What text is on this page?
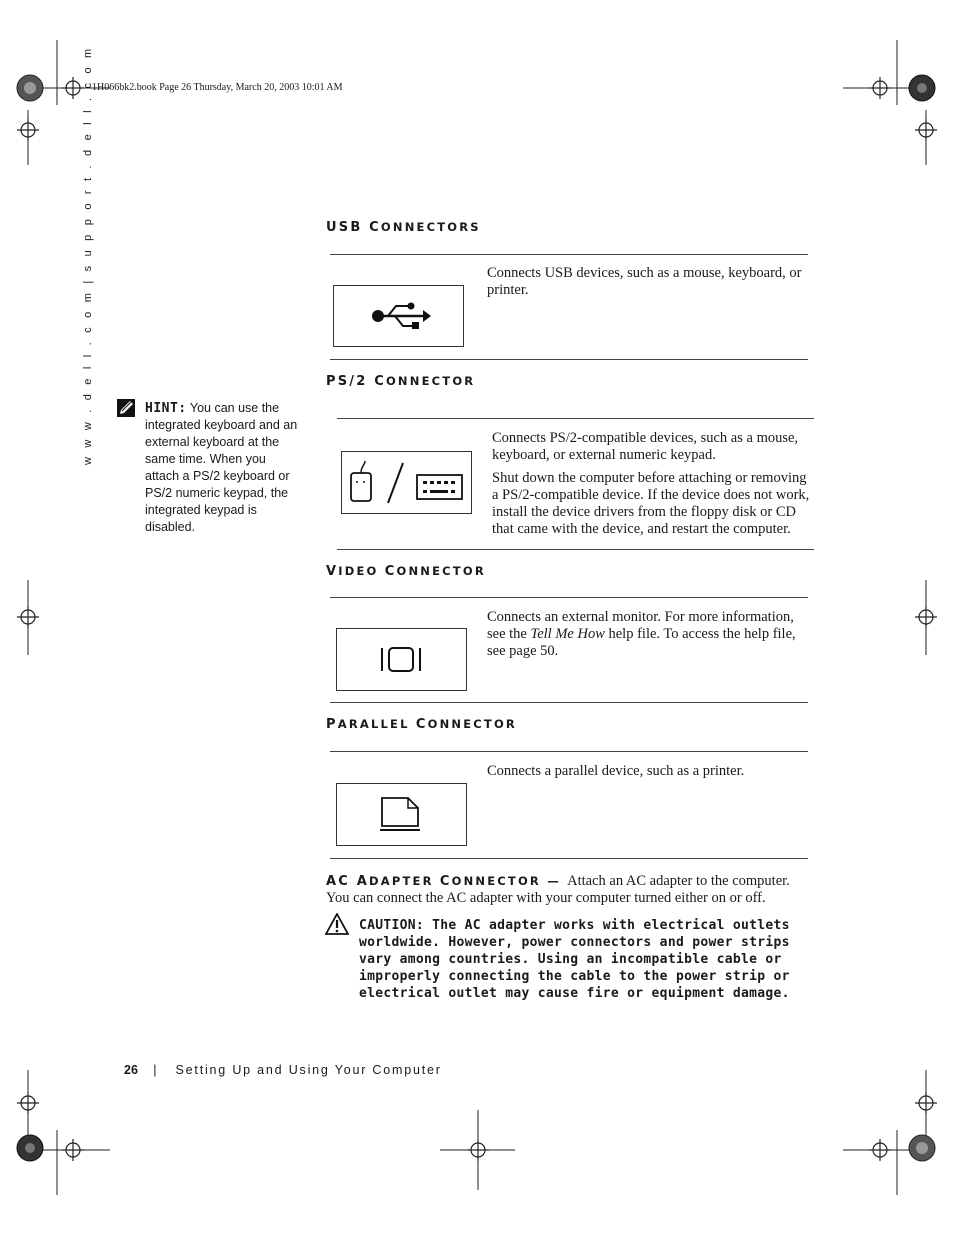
1H066bk2.book Page 26 Thursday, March 20, 2003 10:01 AM
w w w . d e l l . c o m | s u p p o r t . d e l l . c o m	HINT: You can use the integrated keyboard and an external keyboard at the same time. When you attach a PS/2 keyboard or PS/2 numeric keypad, the integrated keypad is disabled.
USB CONNECTORS
Connects USB devices, such as a mouse, keyboard, or printer.
PS/2 CONNECTOR
Connects PS/2-compatible devices, such as a mouse, keyboard, or external numeric keypad.
Shut down the computer before attaching or removing a PS/2-compatible device. If the device does not work, install the device drivers from the floppy disk or CD that came with the device, and restart the computer.
VIDEO CONNECTOR
Connects an external monitor. For more information, see the Tell Me How help file. To access the help file, see page 50.
PARALLEL CONNECTOR
Connects a parallel device, such as a printer.
AC ADAPTER CONNECTOR — Attach an AC adapter to the computer. You can connect the AC adapter with your computer turned either on or off.
CAUTION: The AC adapter works with electrical outlets worldwide. However, power connectors and power strips vary among countries. Using an incompatible cable or improperly connecting the cable to the power strip or electrical outlet may cause fire or equipment damage.
26 | Setting Up and Using Your Computer
